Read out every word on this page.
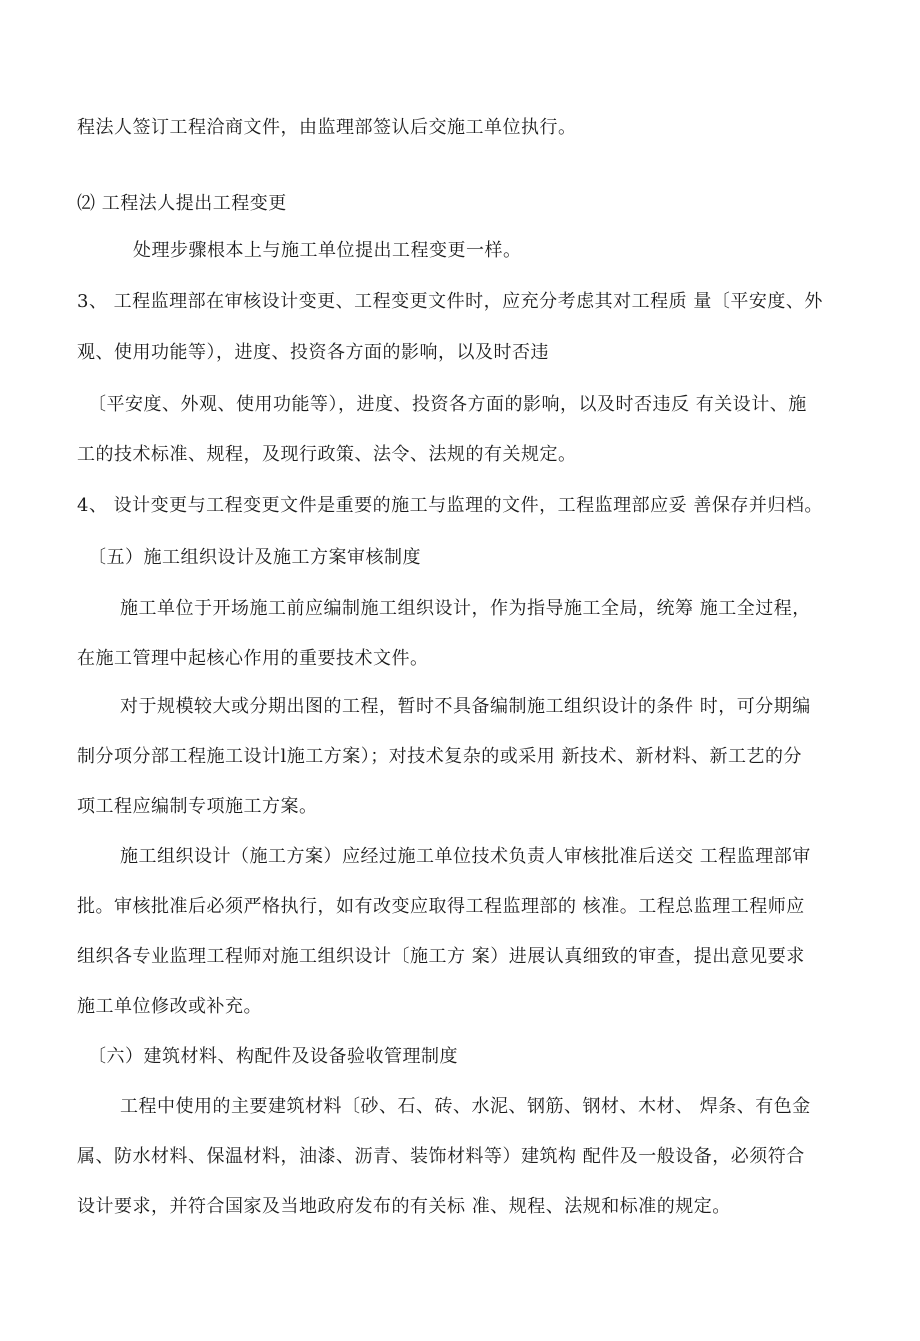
程法人签订工程洽商文件，由监理部签认后交施工单位执行。
⑵ 工程法人提出工程变更
处理步骤根本上与施工单位提出工程变更一样。
3、 工程监理部在审核设计变更、工程变更文件时，应充分考虑其对工程质 量〔平安度、外
观、使用功能等），进度、投资各方面的影响，以及时否违
〔平安度、外观、使用功能等），进度、投资各方面的影响，以及时否违反 有关设计、施
工的技术标准、规程，及现行政策、法令、法规的有关规定。
4、 设计变更与工程变更文件是重要的施工与监理的文件，工程监理部应妥 善保存并归档。
〔五）施工组织设计及施工方案审核制度
施工单位于开场施工前应编制施工组织设计，作为指导施工全局，统筹 施工全过程，
在施工管理中起核心作用的重要技术文件。
对于规模较大或分期出图的工程，暂时不具备编制施工组织设计的条件 时，可分期编
制分项分部工程施工设计l施工方案）；对技术复杂的或采用 新技术、新材料、新工艺的分
项工程应编制专项施工方案。
施工组织设计（施工方案）应经过施工单位技术负责人审核批准后送交 工程监理部审
批。审核批准后必须严格执行，如有改变应取得工程监理部的 核准。工程总监理工程师应
组织各专业监理工程师对施工组织设计〔施工方 案）进展认真细致的审查，提出意见要求
施工单位修改或补充。
〔六）建筑材料、构配件及设备验收管理制度
工程中使用的主要建筑材料〔砂、石、砖、水泥、钢筋、钢材、木材、 焊条、有色金
属、防水材料、保温材料，油漆、沥青、装饰材料等）建筑构 配件及一般设备，必须符合
设计要求，并符合国家及当地政府发布的有关标 准、规程、法规和标准的规定。
